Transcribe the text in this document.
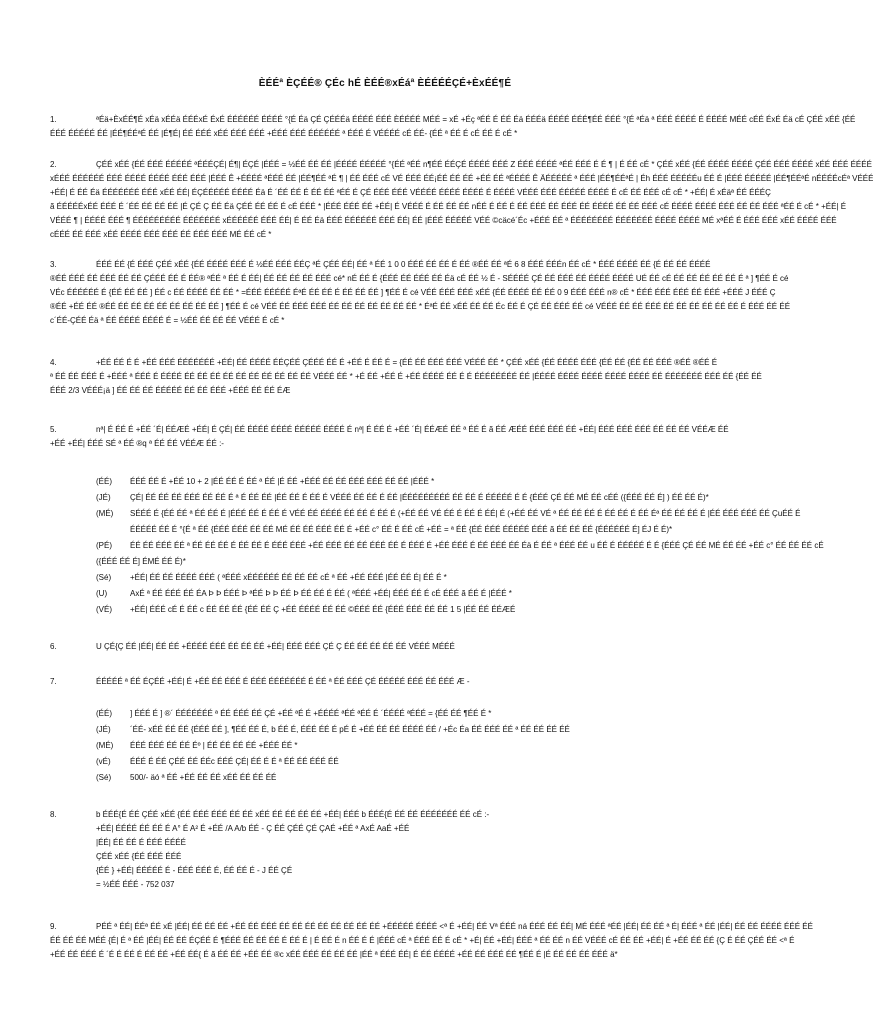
ÈÉÉª ÈÇÉÉ® ÇÉc hÉ ÈÉÉ®xÉáª ÈÉÉÉÉÇÉ+ÈxÉÉ¶É
1.	ªÉä+ÈxÉÉ¶É xÉä xÉÉä ÉÉÉxÉ ÉxÉ ÉÉÉÉÉÉ ÉÉÉÉ °{É Éä ÇÉ ÇÉÉÉä ÉÉÉÉ ÉÉÉ ÈÉÉÉÉ MÉÉ = xÉ +Éç ªÉÉ É ÉÉ Éä ÉÉÉä ÉÉÉÉ ÉÉÉ¶ÉÉ ÉÉÉ °{É ªÉä ª ÉÉÉ ÉÉÉÉ É ÉÉÉÉ MÉÉ cÉÉ ÉxÉ Éä cÉ ÇÉÉ xÉÉ {ÉÉ
ÉÉÉ ÉÉÉÉÉ ÉÉ |ÉÉ¶ÉÉªÉ ÉÉ |É¶É| ÉÉ ÉÉÉ xÉÉ ÉÉÉ ÉÉÉ +ÉÉÉ ÉÉÉ ÉÉÉÉÉÉ ª ÉÉÉ É VÉÉÉÉ cÉ ÉÉ- {ÉÉ ª ÉÉ É cÉ ÉÉ É cÉ *
2.	ÇÉÉ xÉÉ {ÉÉ ÉÉÉ ÉÉÉÉÉ ªÉÉÉÇÉ| É¶| ÉÇÉ |ÉÉÉ = ½ÉÉ ÉÉ ÉÉ |ÉÉÉÉ ÉÉÉÉÉ °{ÉÉ ªÉÉ n¶ÉÉ ÉÉÇÉ ÉÉÉÉ ÉÉÉ Z ÉÉÉ ÉÉÉÉ ªÉÉ ÉÉÉ É É ¶ | É ÉÉ cÉ * ÇÉÉ xÉÉ {ÉÉ ÉÉÉÉ ÉÉÉÉ ÇÉÉ ÉÉÉ ÉÉÉÉ xÉÉ ÉÉÉ ÉÉÉÉ
xÉÉÉ ÉÉÉÉÉÉ ÉÉÉ ÉÉÉÉ ÉÉÉÉ ÉÉÉ ÉÉÉ |ÉÉÉ Ê +ÉÉÉÉ ªÉÉÉ ÉÉ |ÉÉ¶ÉÉ ªÉ ¶ | ÉÉ ÉÉÉ cÉ VÉ ÉÉÉ ÉÉ¡ÉÉ ÉÉ ÉÉ +ÉÉ ÉÉ ªÉÉÉÉ Ê ÄÉÉÉÉÉ ª ÉÉÉ |ÉÉ¶ÉÉªÉ | Éh ÉÉÉ ÉÉÉÉÉu ÉÉ É |ÉÉÉ ÉÉÉÉÉ |ÉÉ¶ÉÉªÉ nÉÉÉÉcÉª VÉÉÉ
+ÉÉ| É ÉÉ Éä ÉÉÉÉÉÉÉ ÉÉÉ xÉÉ ÉÉ| ÉÇÉÉÉÉÉ ÉÉÉÉ Éä É ´ÉÉ ÉÉ É ÉÉ ÉÉ ªÉÉ É ÇÉ ÉÉÉ ÉÉÉ VÉÉÉÉ ÉÉÉÉ ÉÉÉÉ É ÉÉÉÉ VÉÉÉ ÉÉÉ ÉÉÉÉÉ ÉÉÉÉ É cÉ ÉÉ ÉÉÉ cÉ cÉ * +ÉÉ| É xÉäª ÉÉ ÉÉÉÇ
ã ÉÉÉÉÉxÉÉ ÉÉÉ É ´ÉÉ ÉÉ ÉÉ ÉÉ |É ÇÉ Ç ÉÉ Éä ÇÉÉ ÉÉ ÉÉ É cÉ ÉÉÉ * |ÉÉÉ ÉÉÉ ÉÉ +ÉÉ| É VÉÉÉ É ÉÉ ÉÉ ÉÉ nÉÉ É ÉÉ É ÉÉ ÉÉÉ ÉÉ ÉÉÉ ÉÉ ÉÉÉÉ ÉÉ ÉÉ ÉÉÉ cÉ ÉÉÉÉ ÉÉÉÉ ÉÉÉ ÉÉ ÉÉ ÉÉÉ ªÉÉ É cÉ * +ÉÉ| É
VÉÉÉ ¶ | ÉÉÉÉ ÉÉÉ ¶ ÉÉÉÉÉÉÉÉÉ ÉÉÉÉÉÉÉ xÉÉÉÉÉÉ ÉÉÉ ÉÉ| É ÉÉ Éä ÉÉÉ ÉÉÉÉÉÉ ÉÉÉ ÉÉ| ÉÉ |ÉÉÉ ÉÉÉÉÉ VÉÉ ©cäcé´Éc +ÉÉÉ ÉÉ ª ÉÉÉÉÉÉÉÉ ÉÉÉÉÉÉÉ ÉÉÉÉ ÉÉÉÉ MÉ xªÉÉ É ÉÉÉ ÉÉÉ xÉÉ ÉÉÉÉ ÉÉÉ
cÉÉÉ ÉÉ ÉÉÉ xÉÉ ÉÉÉÉ ÉÉÉ ÉÉÉ ÉÉ ÉÉÉ ÉÉÉ MÉ ÉÉ cÉ *
3.	ÉÉÉ ÉÉ {É ÉÉÉ ÇÉÉ xÉÉ {ÉÉ ÉÉÉÉ ÉÉÉ É ½ÉÉ ÉÉÉ ÉÉÇ ªÉ ÇÉÉ ÉÉ| ÉÉ ª ÉÉ 1 0 0 ÉÉÉ ÉÉ ÉÉ É ÉÉ ®ÉÉ ÉÉ ªÉ 6 8 ÉÉÉ ÉÉÉn ÉÉ cÉ * ÉÉÉ ÉÉÉÉ ÉÉ {É ÉÉ ÉÉ ÉÉÉÉ
®ÉÉ ÉÉÉ ÉÉ ÉÉÉ ÉÉ ÉÉ ÇÉÉÉ ÉÉ É ÉÉ® ªÉÉ ª ÉÉ É ÉÉ| ÉÉ ÉÉ ÉÉ ÉÉ ÉÉÉ cé* nÉ ÉÉ É {ÉÉÉ ÉÉ ÉÉÉ ÉÉ Éä cÉ ÉÉ ½ É - SÉÉÉÉ ÇÉ ÉÉ ÉÉÉ ÉÉ ÉÉÉÉ ÉÉÉÉ UÉ ÉÉ cÉ ÉÉ ÉÉ ÉÉ ÉÉ ÉÉ É ª ] ¶ÉÉ É cé
VÉc ÉÉÉÉÉÉ É {ÉÉ ÉÉ ÉÉ ] ÉÉ c ÉÉ ÉÉÉÉ ÉÉ ÉÉ * =ÉÉÉ ÉÉÉÉÉ ÉªÉ ÉÉ ÉÉ É ÉÉ ÉÉ ÉÉ ] ¶ÉÉ É cé VÉÉ ÉÉÉ ÉÉÉ xÉÉ {ÉÉ ÉÉÉÉ ÉÉ ÉÉ 0 9 ÉÉÉ ÉÉÉ n® cÉ * ÉÉÉ ÉÉÉ ÉÉÉ ÉÉ ÉÉÉ +ÉÉÉ J ÉÉÉ Ç
®ÉÉ +ÉÉ ÉÉ ®ÉÉ ÉÉ ÉÉ ÉÉ ÉÉ ÉÉ ÉÉ ÉÉ ÉÉ ] ¶ÉÉ É cé VÉÉ ÉÉ ÉÉÉ ÉÉÉ ÉÉ ÉÉ ÉÉ ÉÉ ÉÉ ÉÉ ÉÉ * ÉªÉ ÉÉ xÉÉ ÉÉ ÉÉ Éc ÉÉ É ÇÉ ÉÉ ÉÉÉ ÉÉ cé VÉÉÉ ÉÉ ÉÉ ÉÉÉ ÉÉ ÉÉ ÉÉ ÉÉ ÉÉ ÉÉ É ÉÉÉ ÉÉ ÉÉ
c´ÉÉ-ÇÉÉ Éä ª ÉÉ ÉÉÉÉ ÉÉÉÉ É = ½ÉÉ ÉÉ ÉÉ ÉÉ VÉÉÉ É cÉ *
4.	+ÉÉ ÉÉ É É +ÉÉ ÉÉÉ ÉÉÉÉÉÉÉ +ÉÉ| ÉÉ ÉÉÉÉ ÉÉÇÉÉ ÇÉÉÉ ÉÉ É +ÉÉ É ÉÉ É = {ÉÉ ÉÉ ÉÉÉ ÉÉÉ VÉÉÉ ÉÉ * ÇÉÉ xÉÉ {ÉÉ ÉÉÉÉ ÉÉÉ {ÉÉ ÉÉ {ÉÉ ÉÉ ÉÉÉ ®ÉÉ ®ÉÉ É
ª ÉÉ ÉÉ ÉÉÉ É +ÉÉÉ ª ÉÉÉ É ÉÉÉÉ ÉÉ ÉÉ ÉÉ ÉÉ ÉÉ ÉÉ ÉÉ ÉÉ ÉÉ ÉÉ VÉÉÉ ÉÉ * +É ÉÉ +ÉÉ É +ÉÉ ÉÉÉÉ ÉÉ É É ÉÉÉÉÉÉÉÉ ÉÉ |ÉÉÉÉ ÉÉÉÉ ÉÉÉÉ ÉÉÉÉ ÉÉÉÉ ÉÉ ÉÉÉÉÉÉÉ ÉÉÉ ÉÉ {ÉÉ ÉÉ
ÉÉÉ 2/3 VÉÉÉ¡ä ] ÉÉ ÉÉ ÉÉ ÉÉÉÉÉ ÉÉ ÉÉ ÉÉÉ +ÉÉÉ ÉÉ ÉÉ ÉÆ
5.	nª| É ÉÉ É +ÉÉ ´É| ÉÉÆÉ +ÉÉ| É ÇÉ| ÉÉ ÉÉÉÉ ÉÉÉÉ ÉÉÉÉÉ ÉÉÉÉ É nª| É ÉÉ É +ÉÉ ´É| ÉÉÆÉ ÉÉ ª ÉÉ É ã ÉÉ ÆÉÉ ÉÉÉ ÉÉÉ ÉÉ +ÉÉ| ÉÉÉ ÉÉÉ ÉÉÉ ÉÉ ÉÉ ÉÉ VÉÉÆ ÉÉ
+ÉÉ +ÉÉ| ÉÉÉ SÉ ª ÉÉ ®q ª ÉÉ ÉÉ VÉÉÆ ÉÉ :-
(ÉÉ)	ÉÉÉ ÉÉ É +ÉÉ 10 + 2 |ÉÉ ÉÉ É ÉÉ ª ÉÉ |É ÉÉ +ÉÉÉ ÉÉ ÉÉ ÉÉÉ ÉÉÉ ÉÉ ÉÉ |ÉÉÉ *
(JÉ)	ÇÉ| ÉÉ ÉÉ ÉÉ ÉÉÉ ÉÉ ÉÉ É ª É ÉÉ ÉÉ |ÉÉ ÉÉ É ÉÉ É VÉÉÉ ÉÉ ÉÉ É ÉÉ |ÉÉÉÉÉÉÉÉÉ ÉÉ ÉÉ É ÉÉÉÉÉ É É {ÉÉÉ ÇÉ ÉÉ MÉ ÉÉ cÉÉ ({ÉÉÉ ÉÉ É] ) ÉÉ ÉÉ É)*
(MÉ)	SÉÉÉ É {ÉÉ ÉÉ ª ÉÉ ÉÉ É |ÉÉÉ ÉÉ É ÉÉ É VÉÉ ÉÉ ÉÉÉÉ ÉÉ ÉÉ É ÉÉ É (+ÉÉ ÉÉ VÉ ÉÉ É ÉÉ É ÉÉ| É (+ÉÉ ÉÉ VÉ ª ÉÉ ÉÉ ÉÉ É ÉÉ ÉÉ É ÉÉ Éª ÉÉ ÉÉ ÉÉ É |ÉÉ ÉÉÉ ÉÉÉ ÉÉ ÇuÉÉ É
ÉÉÉÉÉ ÉÉ É °{É ª ÉÉ {ÉÉÉ ÉÉÉ ÉÉ ÉÉ MÉ ÉÉ ÉÉ ÉÉÉ ÉÉ É +ÉÉ c° ÉÉ É ÉÉ cÉ +ÉÉ = ª ÉÉ {ÉÉ ÉÉÉ ÉÉÉÉÉ ÉÉÉ ã ÉÉ ÉÉ ÉÉ {ÉÉÉÉÉÉ É] ÉJ É É)*
(PÉ)	ÉÉ ÉÉ ÉÉÉ ÉÉ ª ÉÉ ÉÉ ÉÉ É ÉÉ ÉÉ É ÉÉÉ ÉÉÉ +ÉÉ ÉÉÉ ÉÉ ÉÉ ÉÉÉ ÉÉ É ÉÉÉ É +ÉÉ ÉÉÉ É ÉÉ ÉÉÉ ÉÉ Éä É ÉÉ ª ÉÉÉ ÉÉ u ÉÉ É ÉÉÉÉÉ É É {ÉÉÉ ÇÉ ÉÉ MÉ ÉÉ ÉÉ +ÉÉ c° ÉÉ ÉÉ ÉÉ cÉ
({ÉÉÉ ÉÉ É] ÉMÉ ÉÉ É)*
(Sé)	+ÉÉ| ÉÉ ÉÉ ÉÉÉÉ ÉÉÉ ( ªÉÉÉ xÉÉÉÉÉÉ ÉÉ ÉÉ ÉÉ cÉ ª ÉÉ +ÉÉ ÉÉÉ |ÉÉ ÉÉ É| ÉÉ É *
(U)	AxÉ ª ÉÉ ÉÉÉ ÉÉ ÉA Þ Þ ÉÉÉ Þ ªÉÉ Þ Þ ÉÉ Þ ÉÉ ÉÉ É ÉÉ ( ªÉÉÉ +ÉÉ| ÉÉÉ ÉÉ É cÉ ÉÉÉ ã ÉÉ É |ÉÉÉ *
(VÉ)	+ÉÉ| ÉÉÉ cÉ É ÉÉ c ÉÉ ÉÉ ÉÉ {ÉÉ ÉÉ Ç +ÉÉ ÉÉÉÉ ÉÉ ÉÉ ©ÉÉÉ ÉÉ {ÉÉÉ ÉÉÉ ÉÉ ÉÉ 1 5 |ÉÉ ÉÉ ÉÉÆÉ
6.	U ÇÉ{Ç ÉÉ |ÉÉ| ÉÉ ÉÉ +ÉÉÉÉ ÉÉÉ ÉÉ ÉÉ ÉÉ +ÉÉ| ÉÉÉ ÉÉÉ ÇÉ Ç ÉÉ ÉÉ ÉÉ ÉÉ ÉÉ VÉÉÉ MÉÉÉ
7.	ÉÉÉÉÉ ª ÉÉ ÉÇÉÉ +ÉÉ| É +ÉÉ ÉÉ ÉÉÉ É ÉÉÉ ÉÉÉÉÉÉÉ É ÉÉ ª ÉÉ ÉÉÉ ÇÉ ÉÉÉÉÉ ÉÉÉ ÉÉ ÉÉÉ Æ -
(ÉÉ)	] ÉÉÉ É ] ®´ ÉÉÉÉÉÉÉ ª ÉÉ ÉÉÉ ÉÉ ÇÉ +ÉÉ ªÉ É +ÉÉÉÉ ªÉÉ ªÉÉ É ´ÉÉÉÉ ªÉÉÉ = {ÉÉ ÉÉ ¶ÉÉ É *
(JÉ)	´ÉÉ- xÉÉ ÉÉ ÉÉ {ÉÉÉ ÉÉ ], ¶ÉÉ ÉÉ É, b ÉÉ É, ÉÉÉ ÉÉ É pÉ É +ÉÉ ÉÉ ÉÉ ÉÉÉÉ ÉÉ / +Éc Éa ÉÉ ÉÉÉ ÉÉ ª ÉÉ ÉÉ ÉÉ ÉÉ
(MÉ)	ÉÉÉ ÉÉÉ ÉÉ ÉÉ Éº | ÉÉ ÉÉ ÉÉ ÉÉ +ÉÉÉ ÉÉ *
(vÉ)	ÉÉÉ É ÉÉ ÇÉÉ ÉÉ ÉÉc ÉÉÉ ÇÉ| ÉÉ É É ª ÉÉ ÉÉ ÉÉÉ ÉÉ
(Sé)	500/- äó ª ÉÉ +ÉÉ ÉÉ ÉÉ xÉÉ ÉÉ ÉÉ ÉÉ
8.	b ÉÉÉ{É ÉÉ ÇÉÉ xÉÉ {ÉÉ ÉÉÉ ÉÉÉ ÉÉ ÉÉ xÉÉ ÉÉ ÉÉ ÉÉ ÉÉ +ÉÉ| ÉÉÉ b ÉÉÉ{É ÉÉ ÉÉ ÉÉÉÉÉÉÉ ÉÉ cÉ :-
+ÉÉ| ÉÉÉÉ ÉÉ ÉÉ É A° É A² É +ÉÉ /A A/b ÉÉ - Ç ÉÉ ÇÉÉ ÇÉ ÇAÉ +ÉÉ ª AxÉ AaÉ +ÉÉ
|ÉÉ| ÉÉ ÉÉ É ÉÉÉ ÉÉÉÉ
ÇÉÉ xÉÉ {ÉÉ ÉÉÉ ÉÉÉ
{ÉÉ } +ÉÉ| ÉÉÉÉÉ É - ÉÉÉ ÉÉÉ É, ÉÉ ÉÉ É - J ÉÉ ÇÉ
= ½ÉÉ ÉÉÉ - 752 037
9.	PÉÉ ª ÉÉ| ÉÉª ÉÉ xÉ |ÉÉ| ÉÉ ÉÉ ÉÉ +ÉÉ ÉÉ ÉÉÉ ÉÉ ÉÉ ÉÉ ÉÉ ÉÉ ÉÉ ÉÉ ÉÉ +ÉÉÉÉÉ ÉÉÉÉ <ª É +ÉÉ| ÉÉ Vª ÉÉÉ ná ÉÉÉ ÉÉ ÉÉ| MÉ ÉÉÉ ªÉÉ |ÉÉ| ÉÉ ÉÉ ª É| ÉÉÉ ª ÉÉ |ÉÉ| ÉÉ ÉÉ ÉÉÉÉ ÉÉÉ ÉÉ
ÉÉ ÉÉ ÉÉ MÉÉ {É| É ª ÉÉ |ÉÉ| ÉÉ ÉÉ ÉÇÉÉ É ¶ÉÉÉ ÉÉ ÉÉ ÉÉ É ÉÉ É | É ÉÉ É n ÉÉ É É |ÉÉÉ cÉ ª ÉÉÉ ÉÉ É cÉ * +É| ÉÉ +ÉÉ| ÉÉÉ ª ÉÉ ÉÉ n ÉÉ VÉÉÉ cÉ ÉÉ ÉÉ +ÉÉ| É +ÉÉ ÉÉ ÉÉ {Ç É ÉÉ ÇÉÉ ÉÉ <ª É
+ÉÉ ÉÉ ÉÉÉ É ´É É ÉÉ É ÉÉ ÉÉ +ÉÉ ÉÉ{ É ã ÉÉ ÉÉ +ÉÉ ÉÉ ®c xÉÉ ÉÉÉ ÉÉ ÉÉ ÉÉ |ÉÉ ª ÉÉÉ ÉÉ| É ÉÉ ÉÉÉÉ +ÉÉ ÉÉ ÉÉÉ ÉÉ ¶ÉÉ É |É ÉÉ ÉÉ ÉÉ ÉÉÉ ä*
